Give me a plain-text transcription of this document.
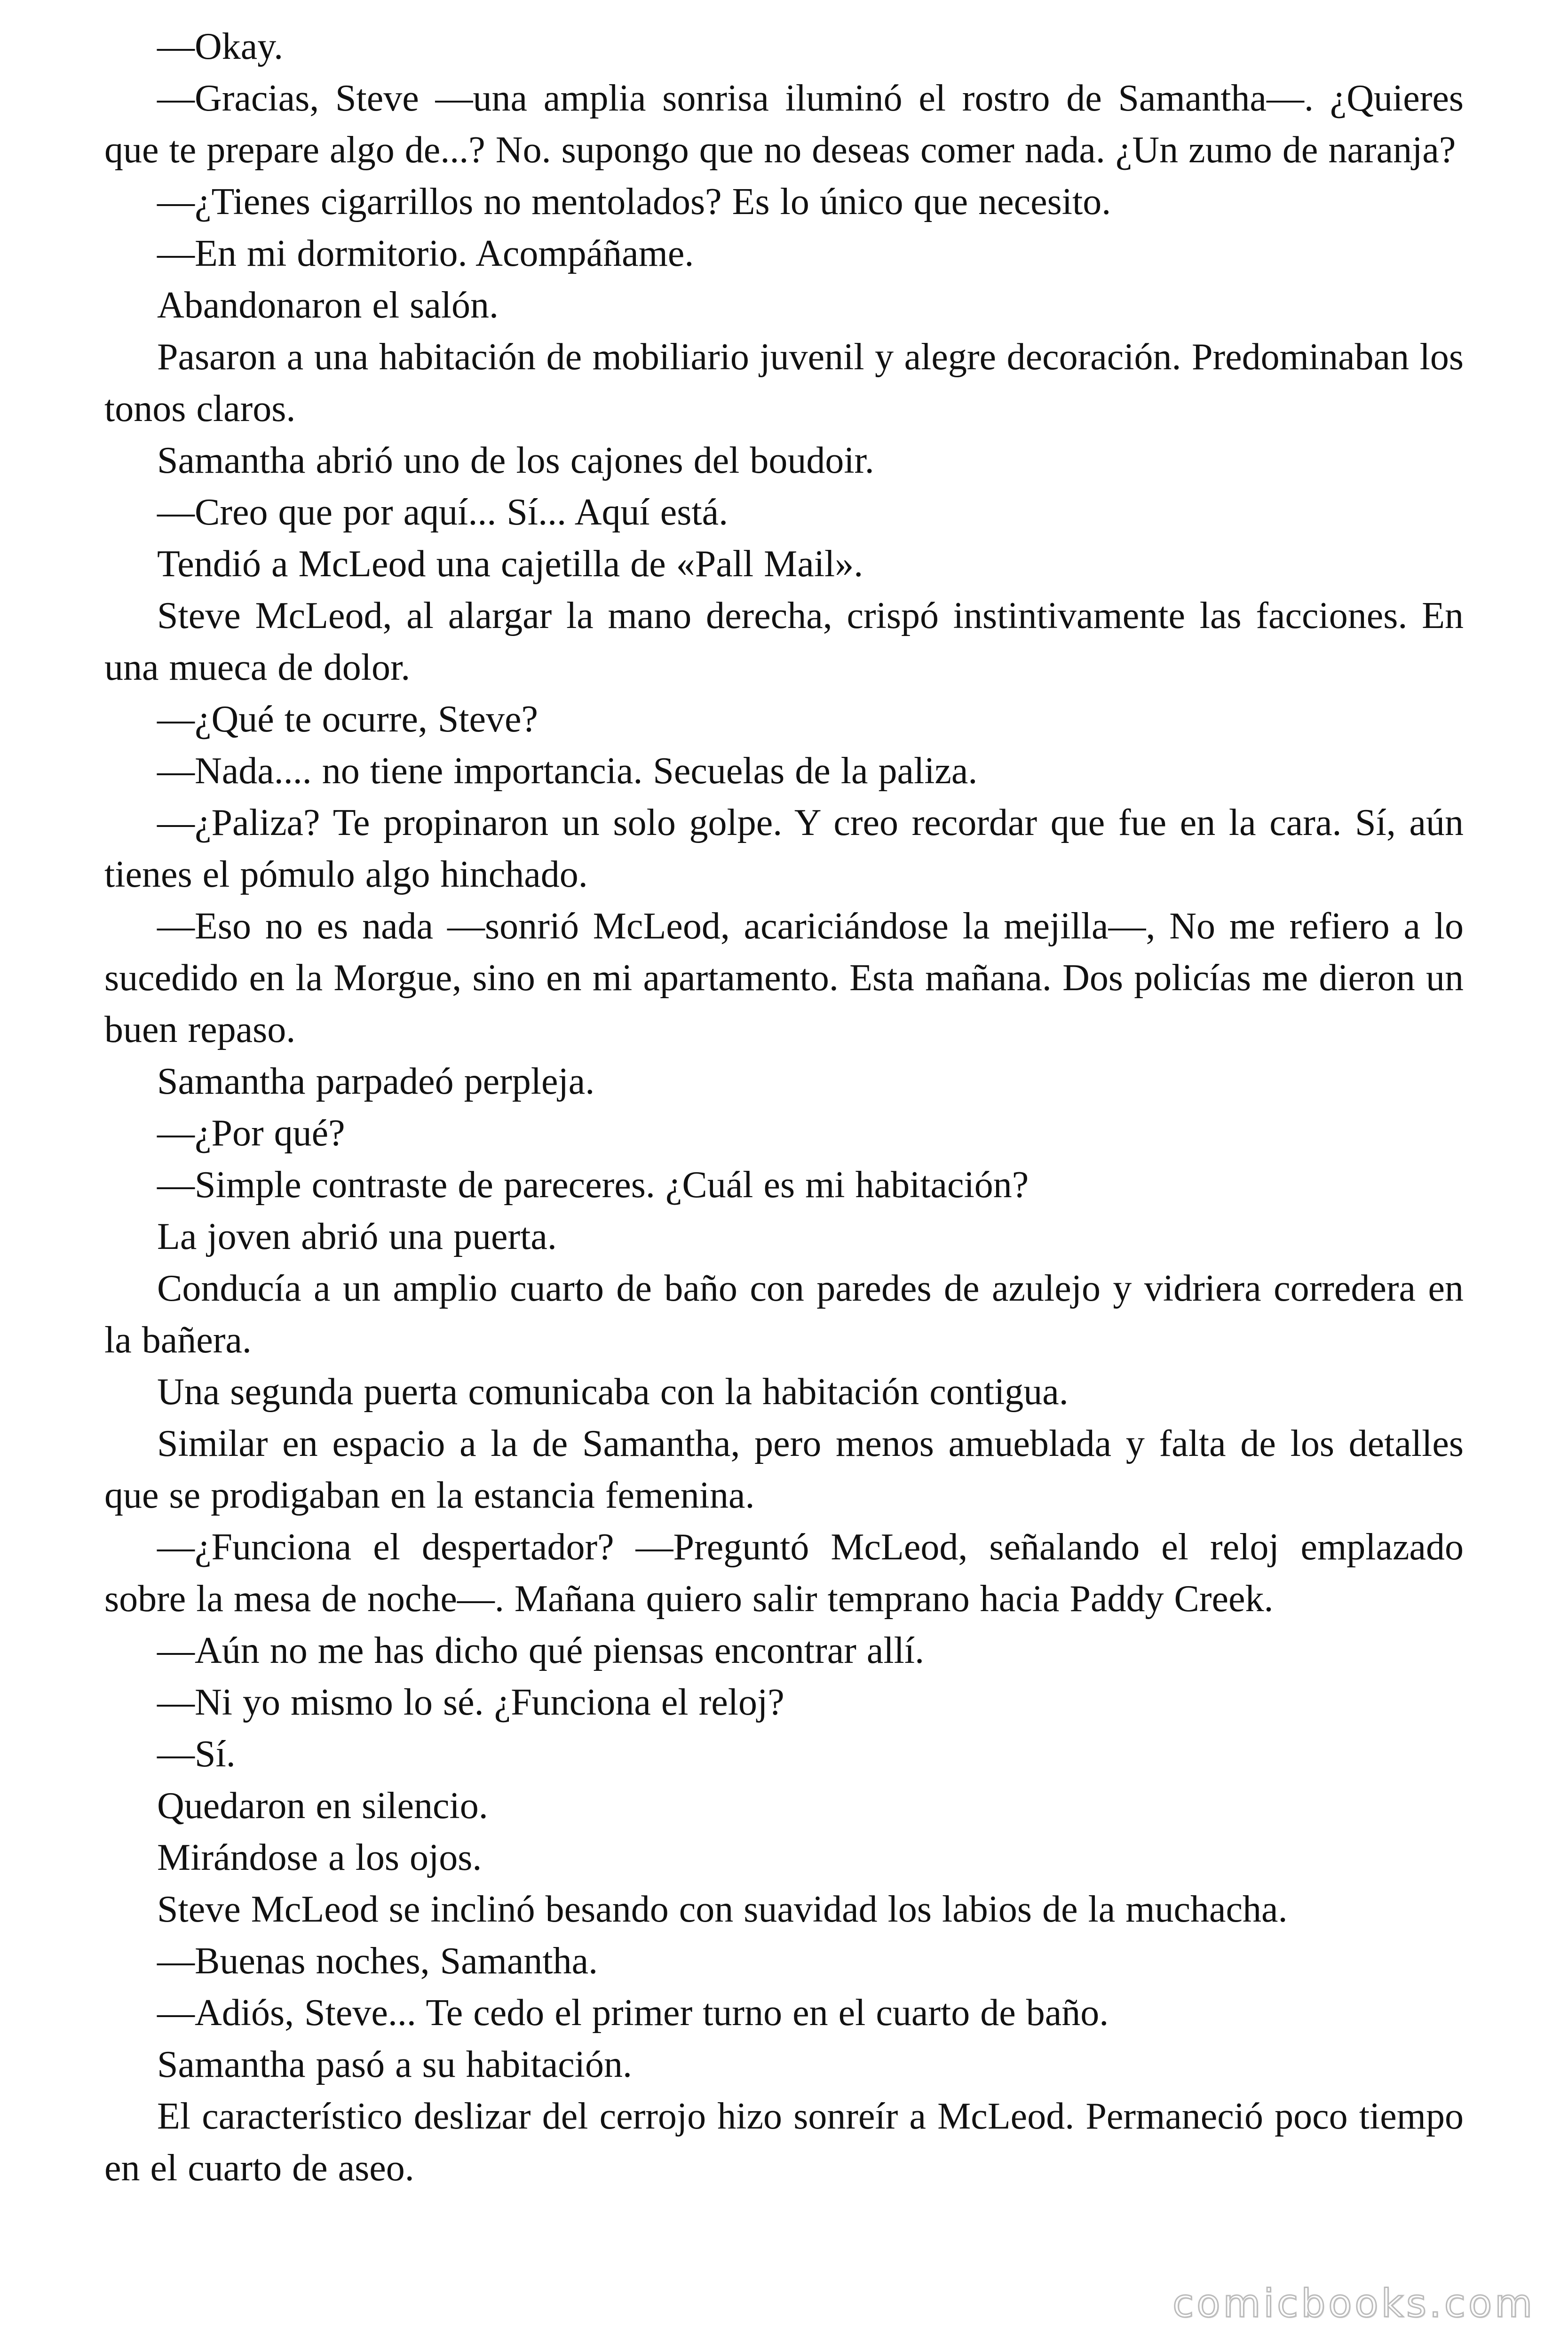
—Okay.

—Gracias, Steve —una amplia sonrisa iluminó el rostro de Samantha—. ¿Quieres que te prepare algo de...? No. supongo que no deseas comer nada. ¿Un zumo de naranja?

—¿Tienes cigarrillos no mentolados? Es lo único que necesito.

—En mi dormitorio. Acompáñame.

Abandonaron el salón.

Pasaron a una habitación de mobiliario juvenil y alegre decoración. Predominaban los tonos claros.

Samantha abrió uno de los cajones del boudoir.

—Creo que por aquí... Sí... Aquí está.

Tendió a McLeod una cajetilla de «Pall Mail».

Steve McLeod, al alargar la mano derecha, crispó instintivamente las facciones. En una mueca de dolor.

—¿Qué te ocurre, Steve?

—Nada.... no tiene importancia. Secuelas de la paliza.

—¿Paliza? Te propinaron un solo golpe. Y creo recordar que fue en la cara. Sí, aún tienes el pómulo algo hinchado.

—Eso no es nada —sonrió McLeod, acariciándose la mejilla—, No me refiero a lo sucedido en la Morgue, sino en mi apartamento. Esta mañana. Dos policías me dieron un buen repaso.

Samantha parpadeó perpleja.

—¿Por qué?

—Simple contraste de pareceres. ¿Cuál es mi habitación?

La joven abrió una puerta.

Conducía a un amplio cuarto de baño con paredes de azulejo y vidriera corredera en la bañera.

Una segunda puerta comunicaba con la habitación contigua.

Similar en espacio a la de Samantha, pero menos amueblada y falta de los detalles que se prodigaban en la estancia femenina.

—¿Funciona el despertador? —Preguntó McLeod, señalando el reloj emplazado sobre la mesa de noche—. Mañana quiero salir temprano hacia Paddy Creek.

—Aún no me has dicho qué piensas encontrar allí.

—Ni yo mismo lo sé. ¿Funciona el reloj?

—Sí.

Quedaron en silencio.

Mirándose a los ojos.

Steve McLeod se inclinó besando con suavidad los labios de la muchacha.

—Buenas noches, Samantha.

—Adiós, Steve... Te cedo el primer turno en el cuarto de baño.

Samantha pasó a su habitación.

El característico deslizar del cerrojo hizo sonreír a McLeod. Permaneció poco tiempo en el cuarto de aseo.

comicbooks.com
